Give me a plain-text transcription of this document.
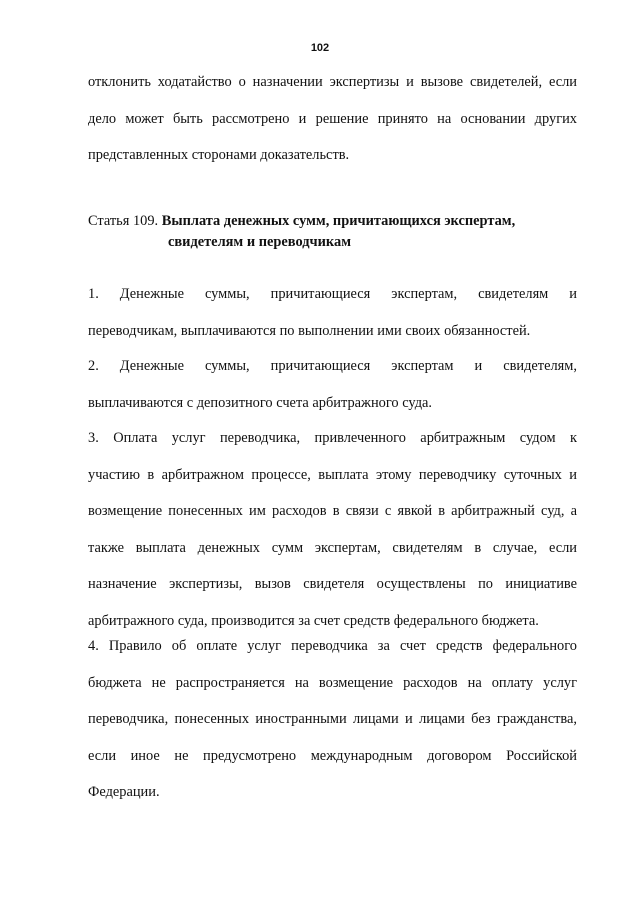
102
отклонить ходатайство о назначении экспертизы и вызове свидетелей, если
дело может быть рассмотрено и решение принято на основании других
представленных сторонами доказательств.
Статья 109. Выплата денежных сумм, причитающихся экспертам,
свидетелям и переводчикам
1. Денежные суммы, причитающиеся экспертам, свидетелям и
переводчикам, выплачиваются по выполнении ими своих обязанностей.
2. Денежные суммы, причитающиеся экспертам и свидетелям,
выплачиваются с депозитного счета арбитражного суда.
3. Оплата услуг переводчика, привлеченного арбитражным судом к
участию в арбитражном процессе, выплата этому переводчику суточных и
возмещение понесенных им расходов в связи с явкой в арбитражный суд, а
также выплата денежных сумм экспертам, свидетелям в случае, если
назначение экспертизы, вызов свидетеля осуществлены по инициативе
арбитражного суда, производится за счет средств федерального бюджета.
4. Правило об оплате услуг переводчика за счет средств федерального
бюджета не распространяется на возмещение расходов на оплату услуг
переводчика, понесенных иностранными лицами и лицами без гражданства,
если иное не предусмотрено международным договором Российской
Федерации.
